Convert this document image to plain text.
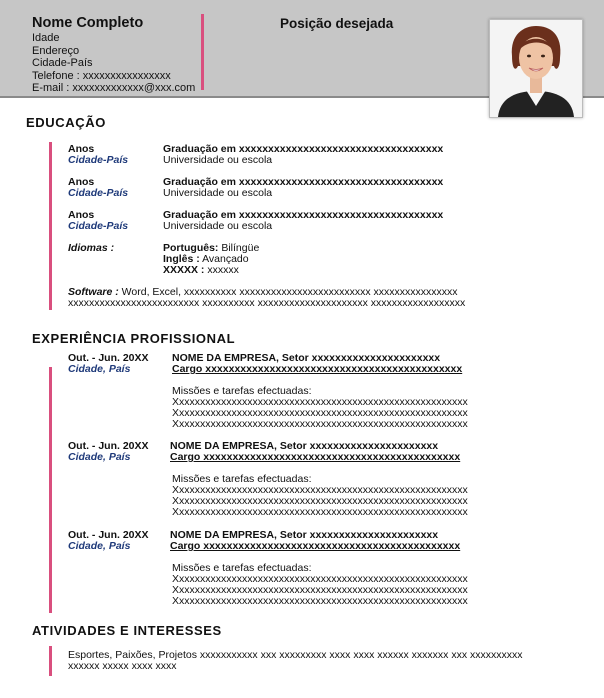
Nome Completo
Idade
Endereço
Cidade-País
Telefone : xxxxxxxxxxxxxxxx
E-mail : xxxxxxxxxxxxx@xxx.com
Posição desejada
EDUCAÇÃO
Anos
Cidade-País
Graduação em xxxxxxxxxxxxxxxxxxxxxxxxxxxxxxxxxxx
Universidade ou escola
Anos
Cidade-País
Graduação em xxxxxxxxxxxxxxxxxxxxxxxxxxxxxxxxxxx
Universidade ou escola
Anos
Cidade-País
Graduação em xxxxxxxxxxxxxxxxxxxxxxxxxxxxxxxxxxx
Universidade ou escola
Idiomas :	Português: Bilíngüe
Inglês : Avançado
XXXXX : xxxxxx
Software : Word, Excel, xxxxxxxxxx xxxxxxxxxxxxxxxxxxxxxxxxx xxxxxxxxxxxxxxxx
xxxxxxxxxxxxxxxxxxxxxxxxx xxxxxxxxxx xxxxxxxxxxxxxxxxxxxxx xxxxxxxxxxxxxxxxxx
EXPERIÊNCIA PROFISSIONAL
Out. - Jun. 20XX
Cidade, País
NOME DA EMPRESA, Setor xxxxxxxxxxxxxxxxxxxxxx
Cargo xxxxxxxxxxxxxxxxxxxxxxxxxxxxxxxxxxxxxxxxxxxx
Missões e tarefas efectuadas:
Xxxxxxxxxxxxxxxxxxxxxxxxxxxxxxxxxxxxxxxxxxxxxxxxxxxxxxxx
Xxxxxxxxxxxxxxxxxxxxxxxxxxxxxxxxxxxxxxxxxxxxxxxxxxxxxxxx
Xxxxxxxxxxxxxxxxxxxxxxxxxxxxxxxxxxxxxxxxxxxxxxxxxxxxxxxx
Out. - Jun. 20XX
Cidade, País
NOME DA EMPRESA, Setor xxxxxxxxxxxxxxxxxxxxxx
Cargo xxxxxxxxxxxxxxxxxxxxxxxxxxxxxxxxxxxxxxxxxxxx
Missões e tarefas efectuadas:
Xxxxxxxxxxxxxxxxxxxxxxxxxxxxxxxxxxxxxxxxxxxxxxxxxxxxxxxx
Xxxxxxxxxxxxxxxxxxxxxxxxxxxxxxxxxxxxxxxxxxxxxxxxxxxxxxxx
Xxxxxxxxxxxxxxxxxxxxxxxxxxxxxxxxxxxxxxxxxxxxxxxxxxxxxxxx
Out. - Jun. 20XX
Cidade, País
NOME DA EMPRESA, Setor xxxxxxxxxxxxxxxxxxxxxx
Cargo xxxxxxxxxxxxxxxxxxxxxxxxxxxxxxxxxxxxxxxxxxxx
Missões e tarefas efectuadas:
Xxxxxxxxxxxxxxxxxxxxxxxxxxxxxxxxxxxxxxxxxxxxxxxxxxxxxxxx
Xxxxxxxxxxxxxxxxxxxxxxxxxxxxxxxxxxxxxxxxxxxxxxxxxxxxxxxx
Xxxxxxxxxxxxxxxxxxxxxxxxxxxxxxxxxxxxxxxxxxxxxxxxxxxxxxxx
ATIVIDADES E INTERESSES
Esportes, Paixões, Projetos xxxxxxxxxxx xxx xxxxxxxxx xxxx xxxx xxxxxx xxxxxxx xxx xxxxxxxxxx
xxxxxx xxxxx xxxx xxxx
